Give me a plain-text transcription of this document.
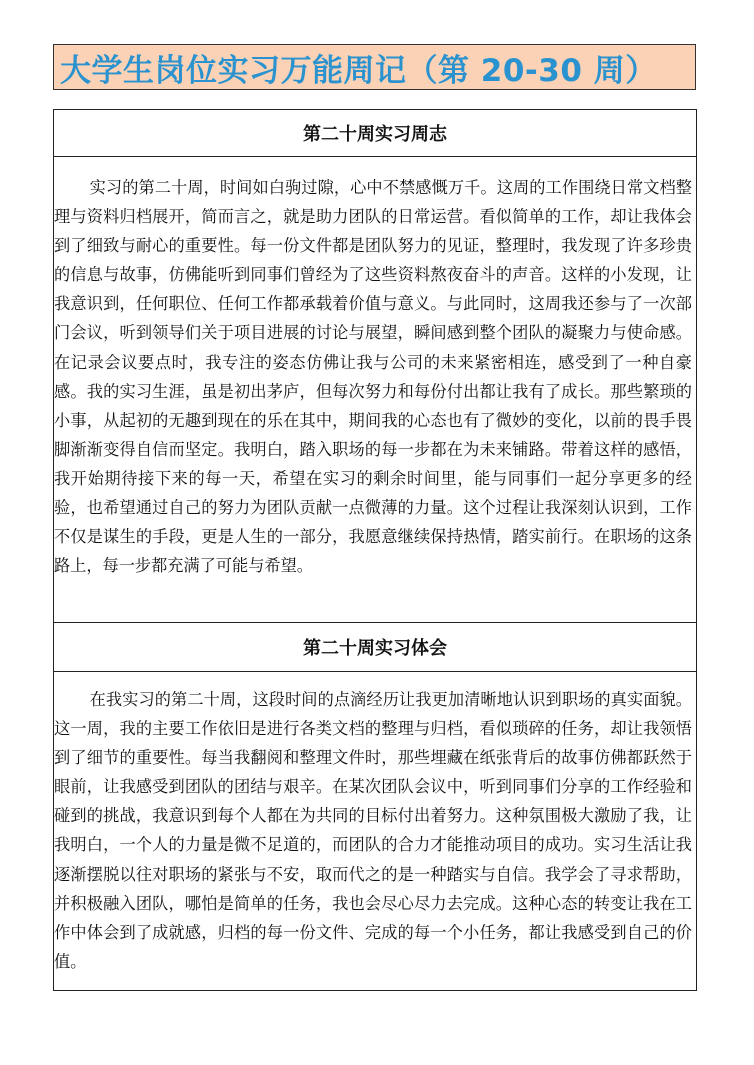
大学生岗位实习万能周记（第 20-30 周）
第二十周实习周志

实习的第二十周，时间如白驹过隙，心中不禁感慨万千。这周的工作围绕日常文档整理与资料归档展开，简而言之，就是助力团队的日常运营。看似简单的工作，却让我体会到了细致与耐心的重要性。每一份文件都是团队努力的见证，整理时，我发现了许多珍贵的信息与故事，仿佛能听到同事们曾经为了这些资料熬夜奋斗的声音。这样的小发现，让我意识到，任何职位、任何工作都承载着价值与意义。与此同时，这周我还参与了一次部门会议，听到领导们关于项目进展的讨论与展望，瞬间感到整个团队的凝聚力与使命感。在记录会议要点时，我专注的姿态仿佛让我与公司的未来紧密相连，感受到了一种自豪感。我的实习生涯，虽是初出茅庐，但每次努力和每份付出都让我有了成长。那些繁琐的小事，从起初的无趣到现在的乐在其中，期间我的心态也有了微妙的变化，以前的畏手畏脚渐渐变得自信而坚定。我明白，踏入职场的每一步都在为未来铺路。带着这样的感悟，我开始期待接下来的每一天，希望在实习的剩余时间里，能与同事们一起分享更多的经验，也希望通过自己的努力为团队贡献一点微薄的力量。这个过程让我深刻认识到，工作不仅是谋生的手段，更是人生的一部分，我愿意继续保持热情，踏实前行。在职场的这条路上，每一步都充满了可能与希望。

第二十周实习体会

在我实习的第二十周，这段时间的点滴经历让我更加清晰地认识到职场的真实面貌。这一周，我的主要工作依旧是进行各类文档的整理与归档，看似琐碎的任务，却让我领悟到了细节的重要性。每当我翻阅和整理文件时，那些埋藏在纸张背后的故事仿佛都跃然于眼前，让我感受到团队的团结与艰辛。在某次团队会议中，听到同事们分享的工作经验和碰到的挑战，我意识到每个人都在为共同的目标付出着努力。这种氛围极大激励了我，让我明白，一个人的力量是微不足道的，而团队的合力才能推动项目的成功。实习生活让我逐渐摆脱以往对职场的紧张与不安，取而代之的是一种踏实与自信。我学会了寻求帮助，并积极融入团队，哪怕是简单的任务，我也会尽心尽力去完成。这种心态的转变让我在工作中体会到了成就感，归档的每一份文件、完成的每一个小任务，都让我感受到自己的价值。
